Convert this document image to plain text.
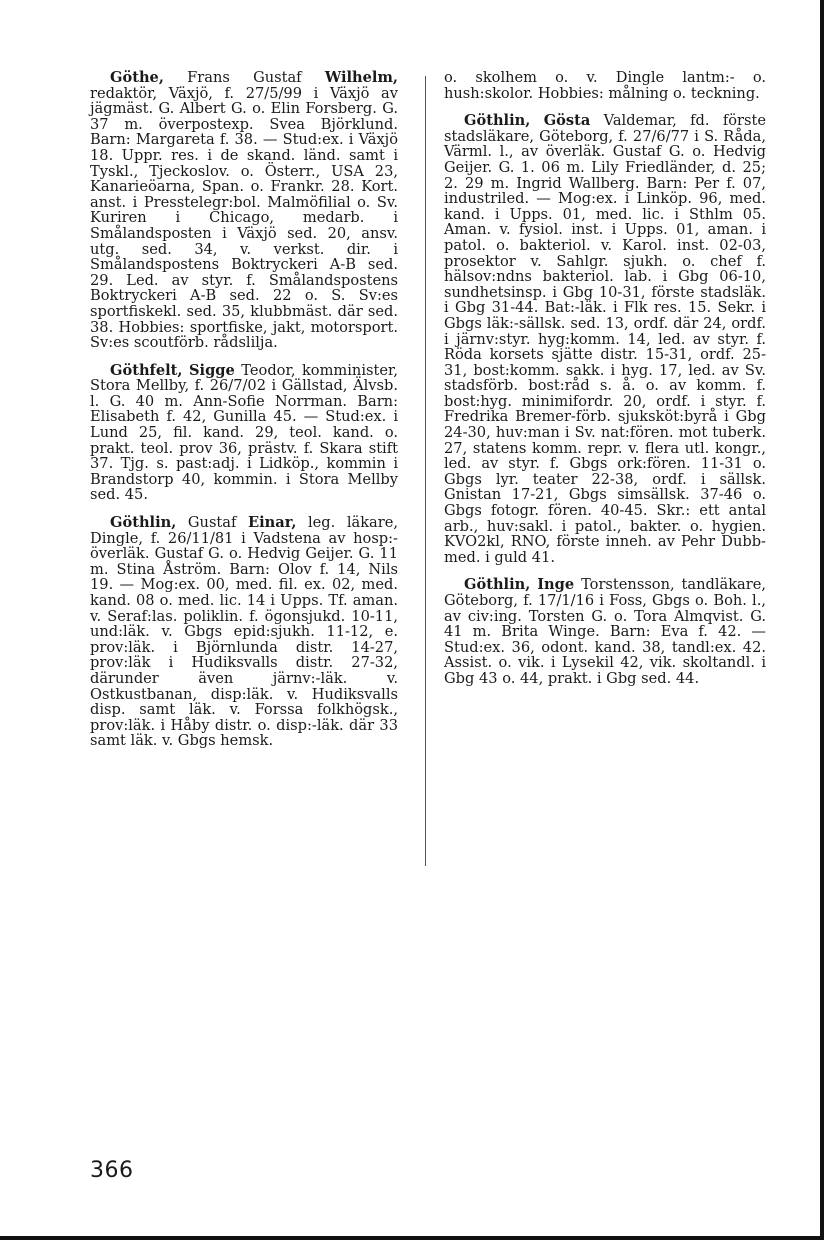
Göthe, Frans Gustaf Wilhelm, redaktör, Växjö, f. 27/5/99 i Växjö av jägmäst. G. Albert G. o. Elin Forsberg. G. 37 m. överpostexp. Svea Björklund. Barn: Margareta f. 38. — Stud:ex. i Växjö 18. Uppr. res. i de skand. länd. samt i Tyskl., Tjeckoslov. o. Österr., USA 23, Kanarieöarna, Span. o. Frankr. 28. Kort. anst. i Presstelegr:bol. Malmöfilial o. Sv. Kuriren i Chicago, medarb. i Smålandsposten i Växjö sed. 20, ansv. utg. sed. 34, v. verkst. dir. i Smålandspostens Boktryckeri A-B sed. 29. Led. av styr. f. Smålandspostens Boktryckeri A-B sed. 22 o. S. Sv:es sportfiskekl. sed. 35, klubbmäst. där sed. 38. Hobbies: sportfiske, jakt, motorsport. Sv:es scoutförb. rådslilja.

Göthfelt, Sigge Teodor, komminister, Stora Mellby, f. 26/7/02 i Gällstad, Älvsb. l. G. 40 m. Ann-Sofie Norrman. Barn: Elisabeth f. 42, Gunilla 45. — Stud:ex. i Lund 25, fil. kand. 29, teol. kand. o. prakt. teol. prov 36, prästv. f. Skara stift 37. Tjg. s. past:adj. i Lidköp., kommin i Brandstorp 40, kommin. i Stora Mellby sed. 45.

Göthlin, Gustaf Einar, leg. läkare, Dingle, f. 26/11/81 i Vadstena av hosp:-överläk. Gustaf G. o. Hedvig Geijer. G. 11 m. Stina Åström. Barn: Olov f. 14, Nils 19. — Mog:ex. 00, med. fil. ex. 02, med. kand. 08 o. med. lic. 14 i Upps. Tf. aman. v. Seraf:las. poliklin. f. ögonsjukd. 10-11, und:läk. v. Gbgs epid:sjukh. 11-12, e. prov:läk. i Björnlunda distr. 14-27, prov:läk i Hudiksvalls distr. 27-32, därunder även järnv:-läk. v. Ostkustbanan, disp:läk. v. Hudiksvalls disp. samt läk. v. Forssa folkhögsk., prov:läk. i Håby distr. o. disp:-läk. där 33 samt läk. v. Gbgs hemsk.

o. skolhem o. v. Dingle lantm:- o. hush:skolor. Hobbies: målning o. teckning.

Göthlin, Gösta Valdemar, fd. förste stadsläkare, Göteborg, f. 27/6/77 i S. Råda, Värml. l., av överläk. Gustaf G. o. Hedvig Geijer. G. 1. 06 m. Lily Friedländer, d. 25; 2. 29 m. Ingrid Wallberg. Barn: Per f. 07, industriled. — Mog:ex. i Linköp. 96, med. kand. i Upps. 01, med. lic. i Sthlm 05. Aman. v. fysiol. inst. i Upps. 01, aman. i patol. o. bakteriol. v. Karol. inst. 02-03, prosektor v. Sahlgr. sjukh. o. chef f. hälsov:ndns bakteriol. lab. i Gbg 06-10, sundhetsinsp. i Gbg 10-31, förste stadsläk. i Gbg 31-44. Bat:-läk. i Flk res. 15. Sekr. i Gbgs läk:-sällsk. sed. 13, ordf. där 24, ordf. i järnv:styr. hyg:komm. 14, led. av styr. f. Röda korsets sjätte distr. 15-31, ordf. 25-31, bost:komm. sakk. i hyg. 17, led. av Sv. stadsförb. bost:råd s. å. o. av komm. f. bost:hyg. minimifordr. 20, ordf. i styr. f. Fredrika Bremer-förb. sjuksköt:byrå i Gbg 24-30, huv:man i Sv. nat:fören. mot tuberk. 27, statens komm. repr. v. flera utl. kongr., led. av styr. f. Gbgs ork:fören. 11-31 o. Gbgs lyr. teater 22-38, ordf. i sällsk. Gnistan 17-21, Gbgs simsällsk. 37-46 o. Gbgs fotogr. fören. 40-45. Skr.: ett antal arb., huv:sakl. i patol., bakter. o. hygien. KVO2kl, RNO, förste inneh. av Pehr Dubb-med. i guld 41.

Göthlin, Inge Torstensson, tandläkare, Göteborg, f. 17/1/16 i Foss, Gbgs o. Boh. l., av civ:ing. Torsten G. o. Tora Almqvist. G. 41 m. Brita Winge. Barn: Eva f. 42. — Stud:ex. 36, odont. kand. 38, tandl:ex. 42. Assist. o. vik. i Lysekil 42, vik. skoltandl. i Gbg 43 o. 44, prakt. i Gbg sed. 44.

366
